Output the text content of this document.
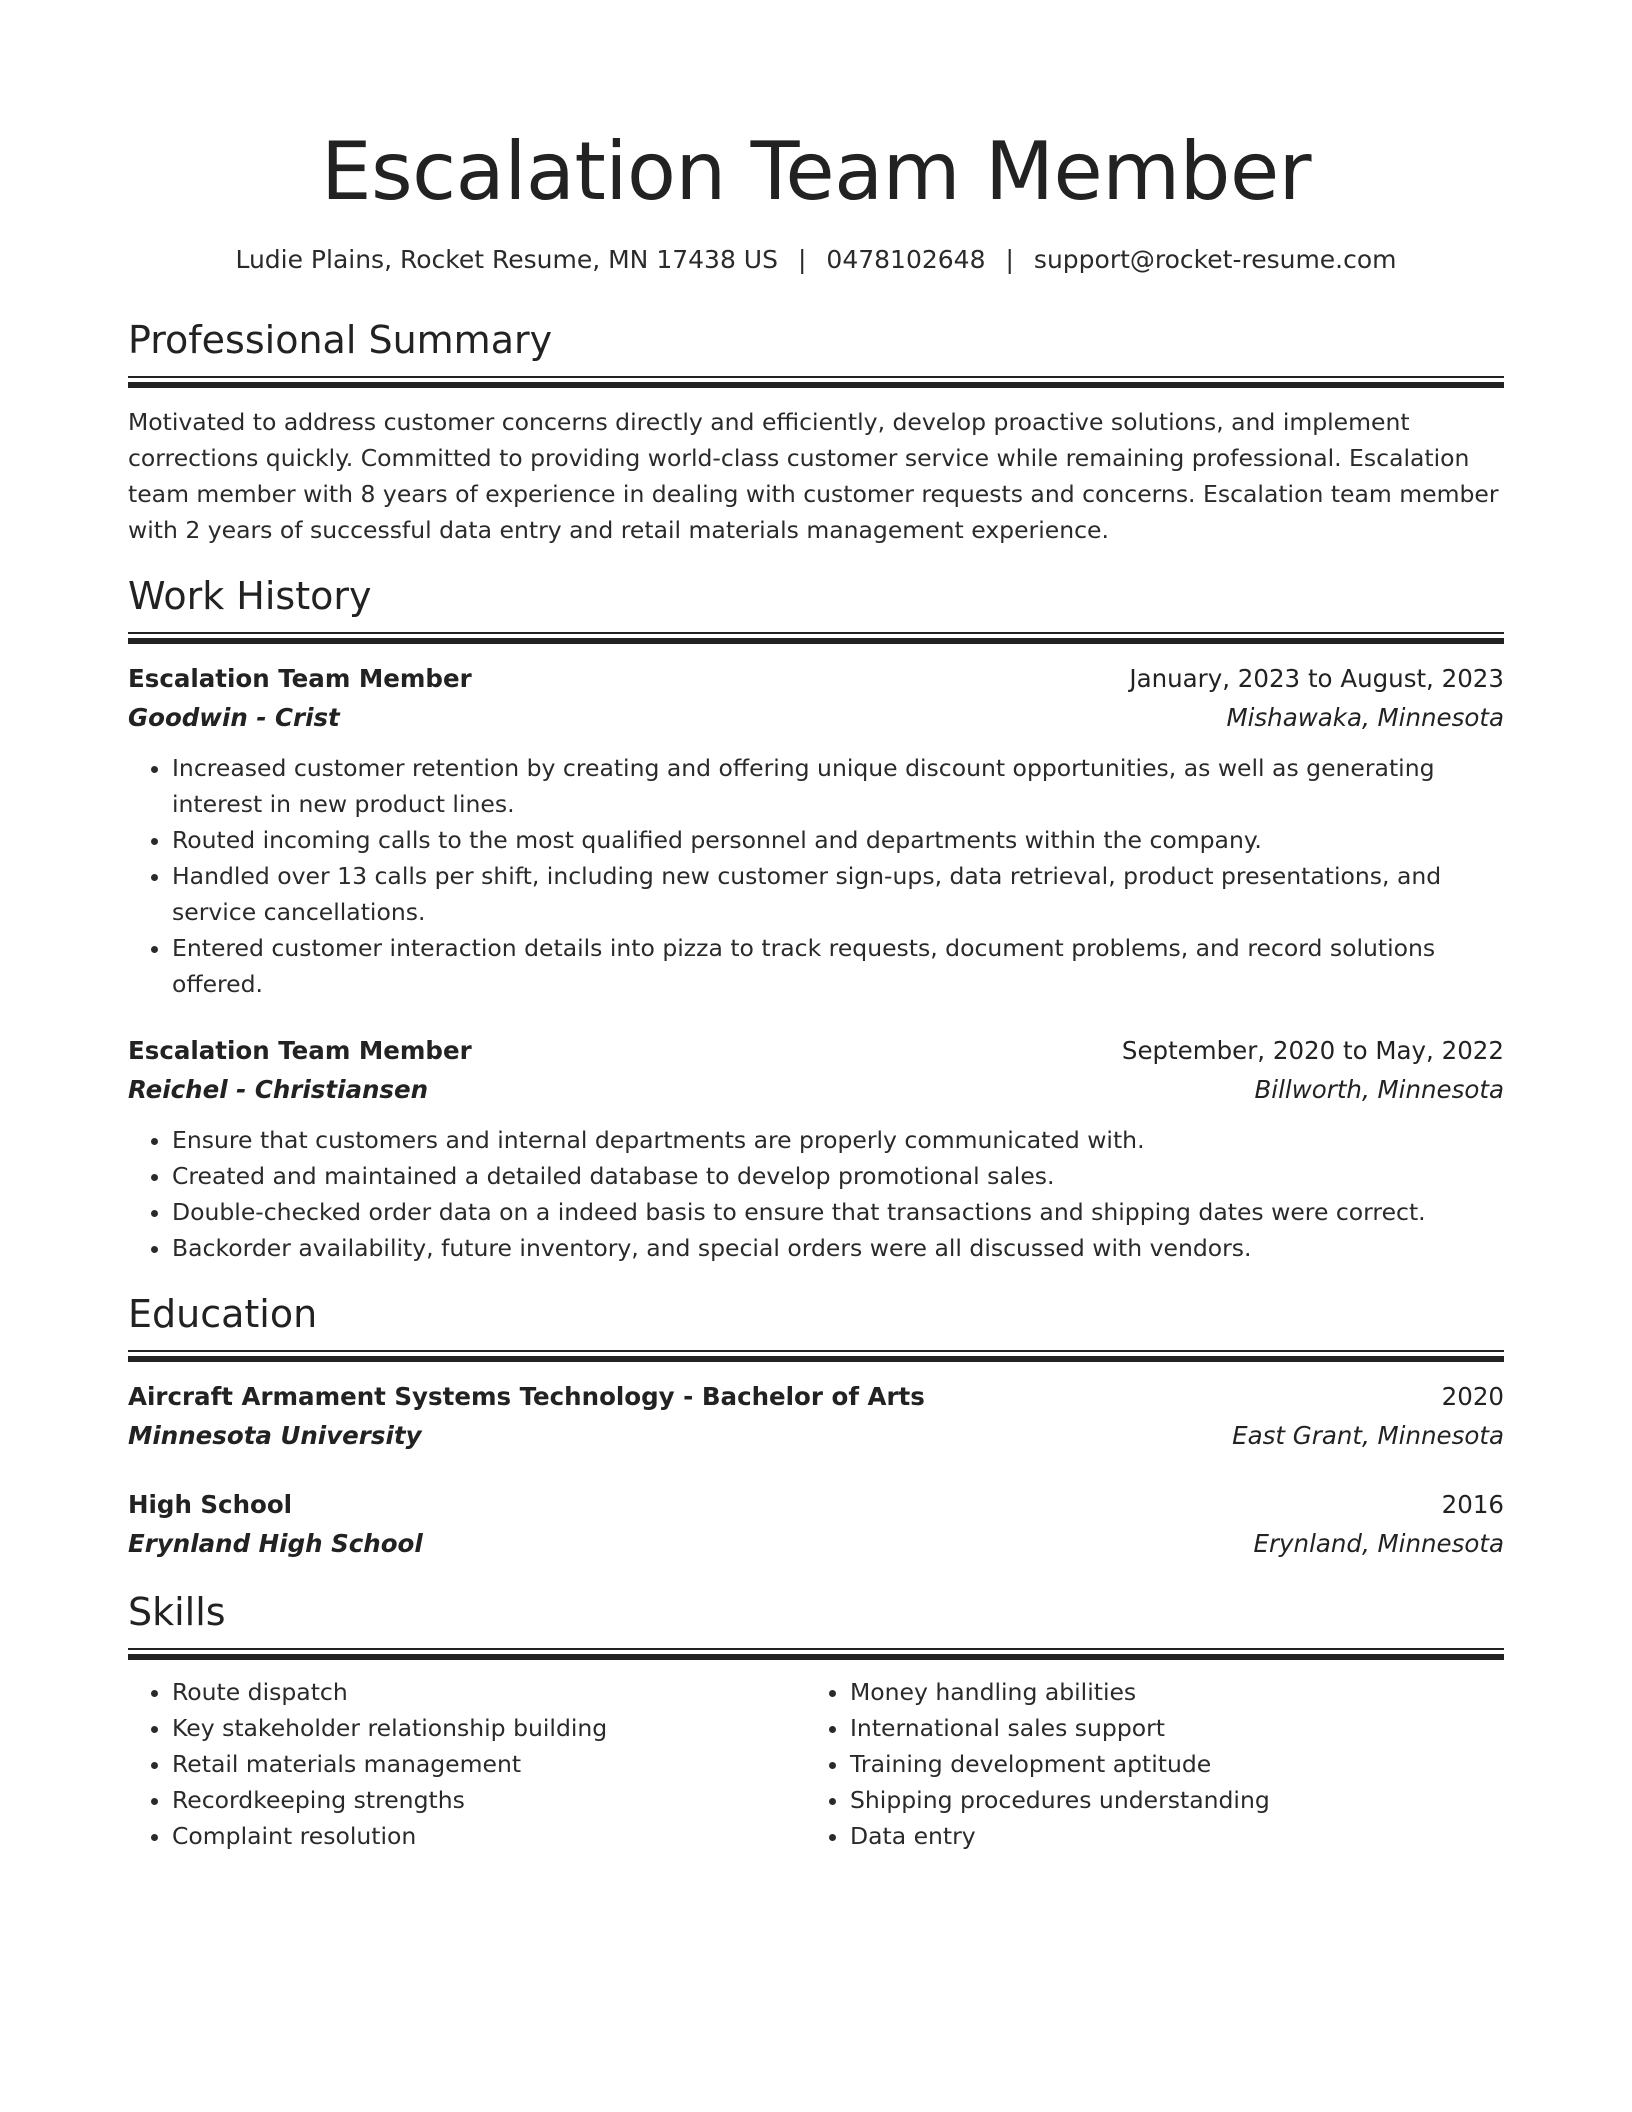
Escalation Team Member
Ludie Plains, Rocket Resume, MN 17438 US | 0478102648 | support@rocket-resume.com
Professional Summary

Motivated to address customer concerns directly and efficiently, develop proactive solutions, and implement corrections quickly. Committed to providing world-class customer service while remaining professional. Escalation team member with 8 years of experience in dealing with customer requests and concerns. Escalation team member with 2 years of successful data entry and retail materials management experience.

Work History
Escalation Team Member	January, 2023 to August, 2023
Goodwin - Crist	Mishawaka, Minnesota
• Increased customer retention by creating and offering unique discount opportunities, as well as generating interest in new product lines.
• Routed incoming calls to the most qualified personnel and departments within the company.
• Handled over 13 calls per shift, including new customer sign-ups, data retrieval, product presentations, and service cancellations.
• Entered customer interaction details into pizza to track requests, document problems, and record solutions offered.
Escalation Team Member	September, 2020 to May, 2022
Reichel - Christiansen	Billworth, Minnesota
• Ensure that customers and internal departments are properly communicated with.
• Created and maintained a detailed database to develop promotional sales.
• Double-checked order data on a indeed basis to ensure that transactions and shipping dates were correct.
• Backorder availability, future inventory, and special orders were all discussed with vendors.
Education
Aircraft Armament Systems Technology - Bachelor of Arts	2020
Minnesota University	East Grant, Minnesota
High School	2016
Erynland High School	Erynland, Minnesota
Skills
• Route dispatch
• Key stakeholder relationship building
• Retail materials management
• Recordkeeping strengths
• Complaint resolution
• Money handling abilities
• International sales support
• Training development aptitude
• Shipping procedures understanding
• Data entry
